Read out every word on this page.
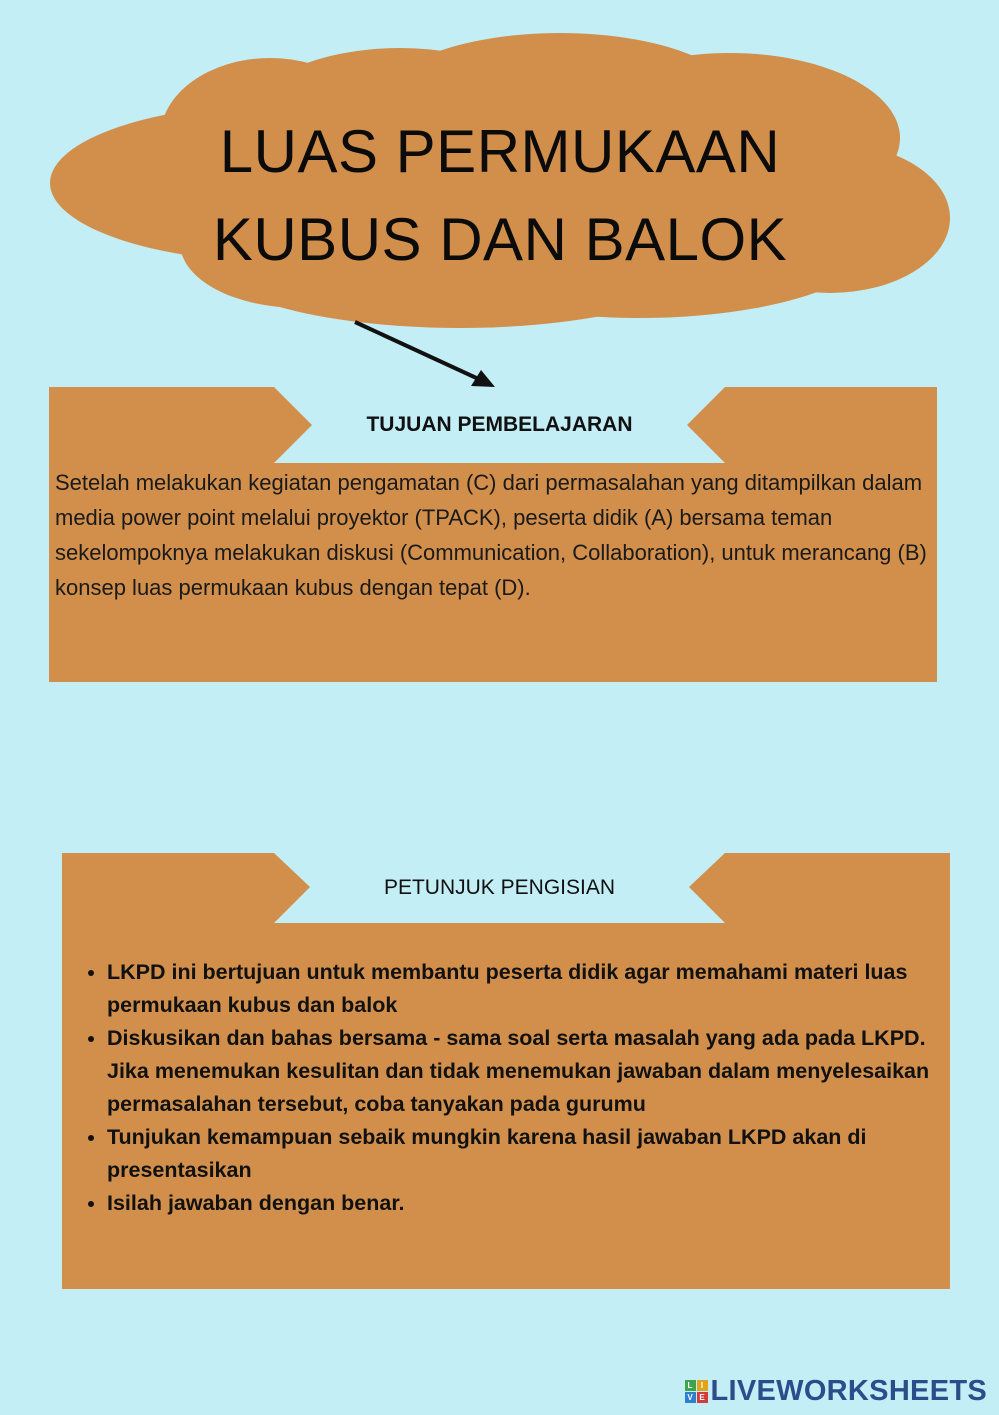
LUAS PERMUKAAN
KUBUS DAN BALOK
TUJUAN PEMBELAJARAN

Setelah melakukan kegiatan pengamatan (C) dari permasalahan yang ditampilkan dalam media power point melalui proyektor (TPACK), peserta didik (A) bersama teman sekelompoknya melakukan diskusi (Communication, Collaboration), untuk merancang (B) konsep luas permukaan kubus dengan tepat (D).

PETUNJUK PENGISIAN
• LKPD ini bertujuan untuk membantu peserta didik agar memahami materi luas permukaan kubus dan balok
• Diskusikan dan bahas bersama - sama soal serta masalah yang ada pada LKPD. Jika menemukan kesulitan dan tidak menemukan jawaban dalam menyelesaikan permasalahan tersebut, coba tanyakan pada gurumu
• Tunjukan kemampuan sebaik mungkin karena hasil jawaban LKPD akan di presentasikan
• Isilah jawaban dengan benar.
L	I
V E LIVEWORKSHEETS
